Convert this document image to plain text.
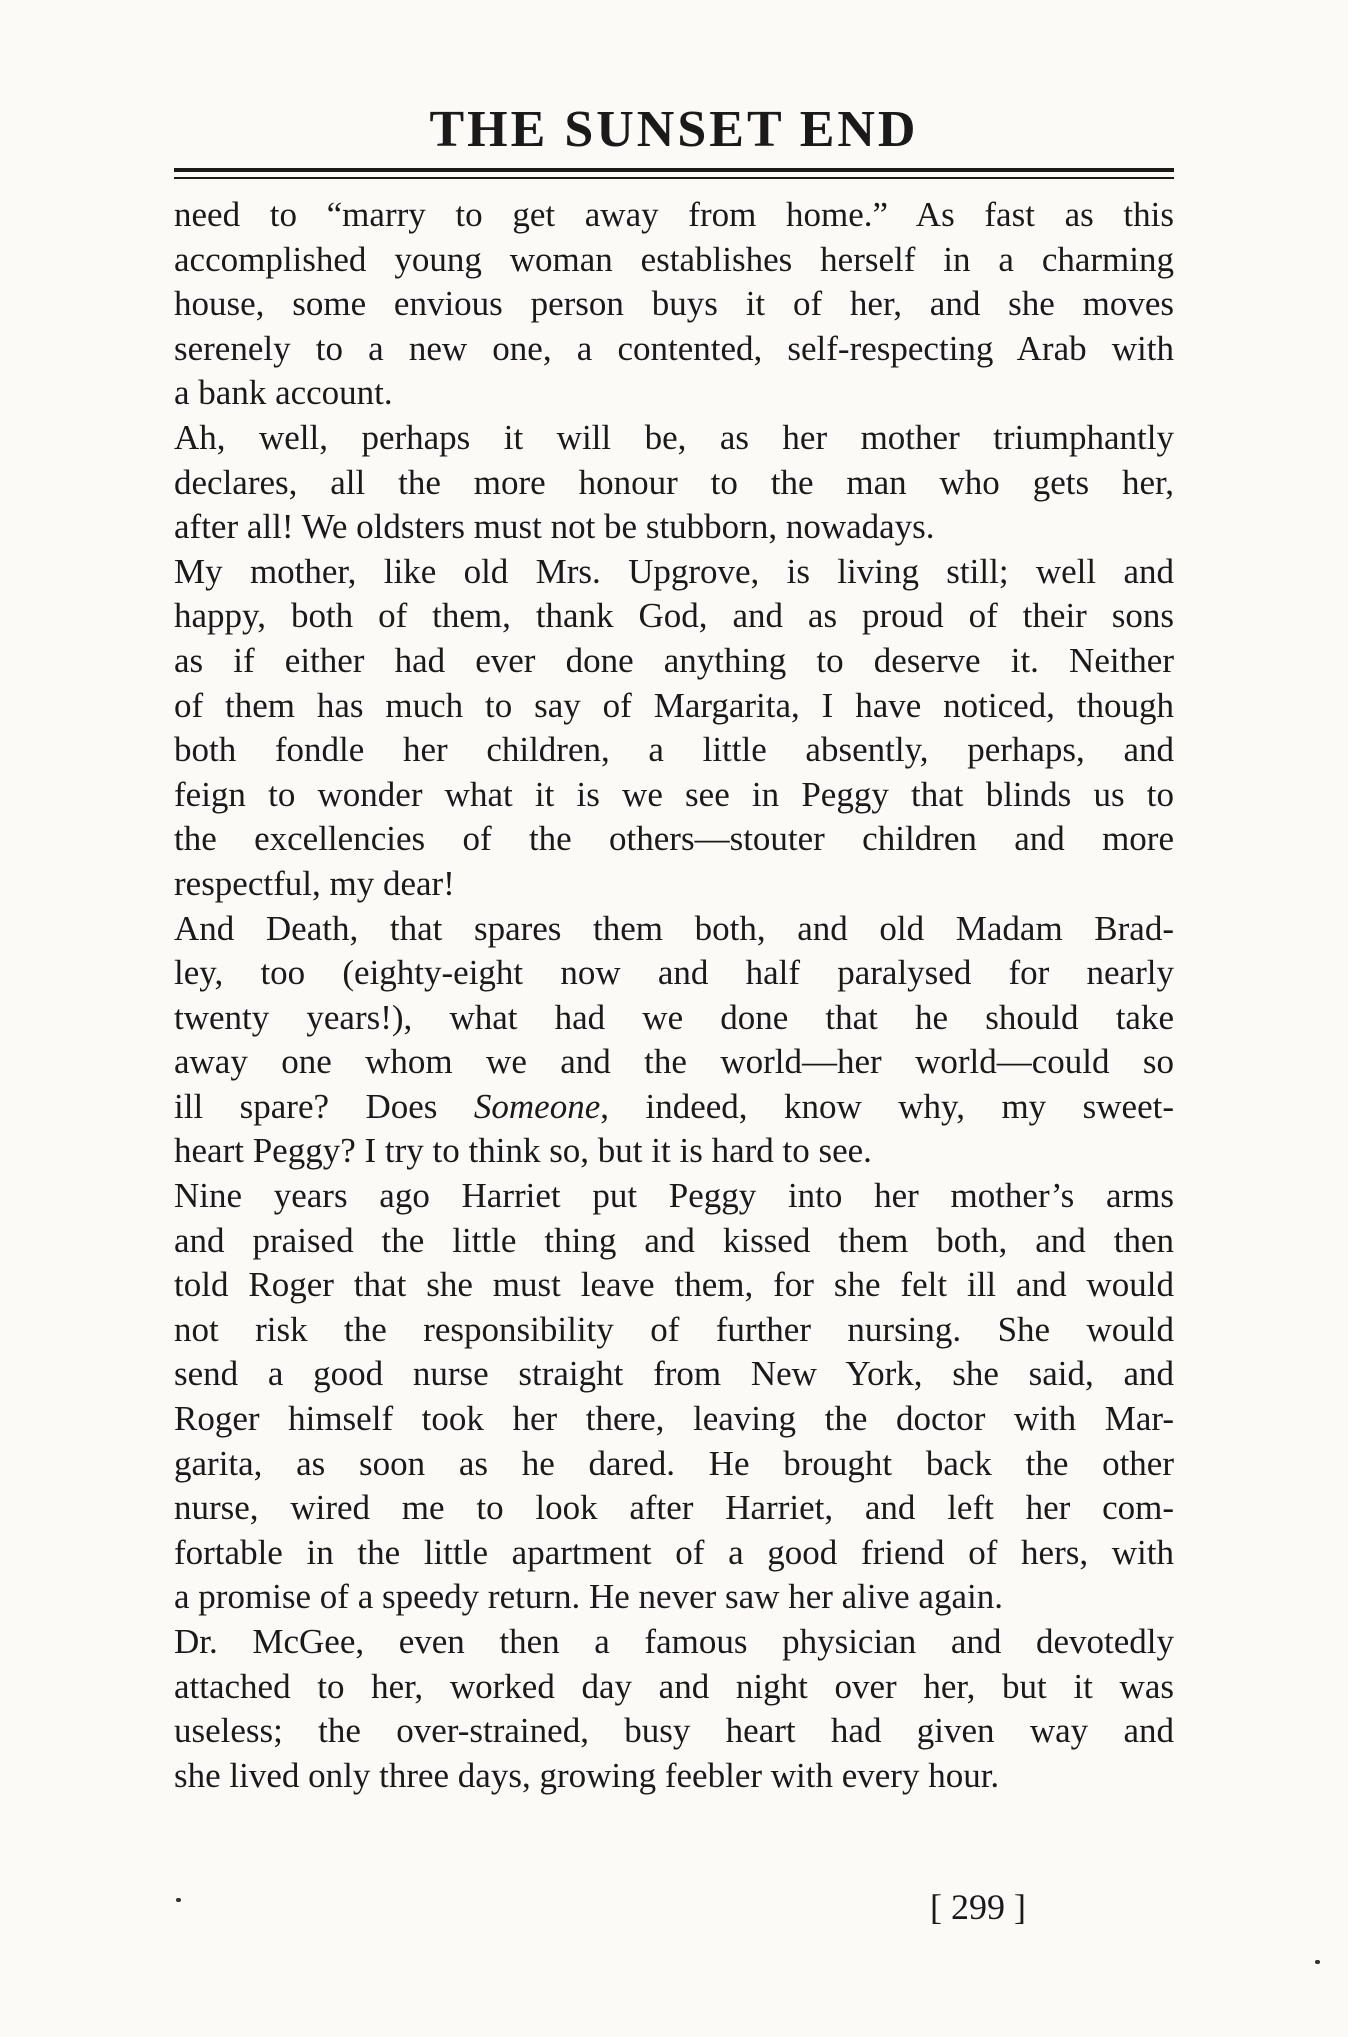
THE SUNSET END

need to “marry to get away from home.” As fast as this
accomplished young woman establishes herself in a charming
house, some envious person buys it of her, and she moves
serenely to a new one, a contented, self-respecting Arab with
a bank account.

Ah, well, perhaps it will be, as her mother triumphantly
declares, all the more honour to the man who gets her,
after all! We oldsters must not be stubborn, nowadays.

My mother, like old Mrs. Upgrove, is living still; well and
happy, both of them, thank God, and as proud of their sons
as if either had ever done anything to deserve it. Neither
of them has much to say of Margarita, I have noticed, though
both fondle her children, a little absently, perhaps, and
feign to wonder what it is we see in Peggy that blinds us to
the excellencies of the others—stouter children and more
respectful, my dear!

And Death, that spares them both, and old Madam Brad-
ley, too (eighty-eight now and half paralysed for nearly
twenty years!), what had we done that he should take
away one whom we and the world—her world—could so
ill spare? Does Someone, indeed, know why, my sweet-
heart Peggy? I try to think so, but it is hard to see.

Nine years ago Harriet put Peggy into her mother’s arms
and praised the little thing and kissed them both, and then
told Roger that she must leave them, for she felt ill and would
not risk the responsibility of further nursing. She would
send a good nurse straight from New York, she said, and
Roger himself took her there, leaving the doctor with Mar-
garita, as soon as he dared. He brought back the other
nurse, wired me to look after Harriet, and left her com-
fortable in the little apartment of a good friend of hers, with
a promise of a speedy return. He never saw her alive again.

Dr. McGee, even then a famous physician and devotedly
attached to her, worked day and night over her, but it was
useless; the over-strained, busy heart had given way and
she lived only three days, growing feebler with every hour.

[ 299 ]
